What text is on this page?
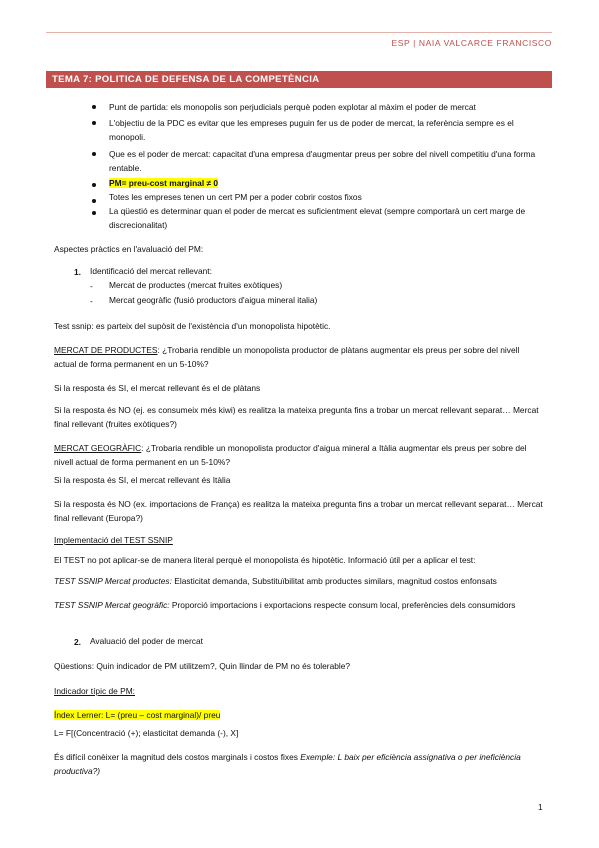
ESP | NAIA VALCARCE FRANCISCO
TEMA 7: POLITICA DE DEFENSA DE LA COMPETÈNCIA
Punt de partida: els monopolis son perjudicials perquè poden explotar al màxim el poder de mercat
L'objectiu de la PDC es evitar que les empreses puguin fer us de poder de mercat, la referència sempre es el monopoli.
Que es el poder de mercat: capacitat d'una empresa d'augmentar preus per sobre del nivell competitiu d'una forma rentable.
PM= preu-cost marginal ≠ 0
Totes les empreses tenen un cert PM per a poder cobrir costos fixos
La qüestió es determinar quan el poder de mercat es suficientment elevat (sempre comportarà un cert marge de discrecionalitat)
Aspectes pràctics en l'avaluació del PM:
1. Identificació del mercat rellevant:
- Mercat de productes (mercat fruites exòtiques)
- Mercat geogràfic (fusió productors d'aigua mineral italia)
Test ssnip: es parteix del supòsit de l'existència d'un monopolista hipotètic.
MERCAT DE PRODUCTES: ¿Trobaria rendible un monopolista productor de plàtans augmentar els preus per sobre del nivell actual de forma permanent en un 5-10%?
Si la resposta és SI, el mercat rellevant és el de plàtans
Si la resposta és NO (ej. es consumeix més kiwi) es realitza la mateixa pregunta fins a trobar un mercat rellevant separat… Mercat final rellevant (fruites exòtiques?)
MERCAT GEOGRÀFIC: ¿Trobaria rendible un monopolista productor d'aigua mineral a Itàlia augmentar els preus per sobre del nivell actual de forma permanent en un 5-10%?
Si la resposta és SI, el mercat rellevant és Itàlia
Si la resposta és NO (ex. importacions de França) es realitza la mateixa pregunta fins a trobar un mercat rellevant separat… Mercat final rellevant (Europa?)
Implementació del TEST SSNIP
El TEST no pot aplicar-se de manera literal perquè el monopolista és hipotètic. Informació útil per a aplicar el test:
TEST SSNIP Mercat productes: Elasticitat demanda, Substituïbilitat amb productes similars, magnitud costos enfonsats
TEST SSNIP Mercat geogràfic: Proporció importacions i exportacions respecte consum local, preferències dels consumidors
2. Avaluació del poder de mercat
Qüestions: Quin indicador de PM utilitzem?, Quin llindar de PM no és tolerable?
Indicador típic de PM:
Índex Lerner: L= (preu – cost marginal)/ preu
L= F[(Concentració (+); elasticitat demanda (-), X]
És difícil conèixer la magnitud dels costos marginals i costos fixes Exemple: L baix per eficiència assignativa o per ineficiència productiva?)
1
